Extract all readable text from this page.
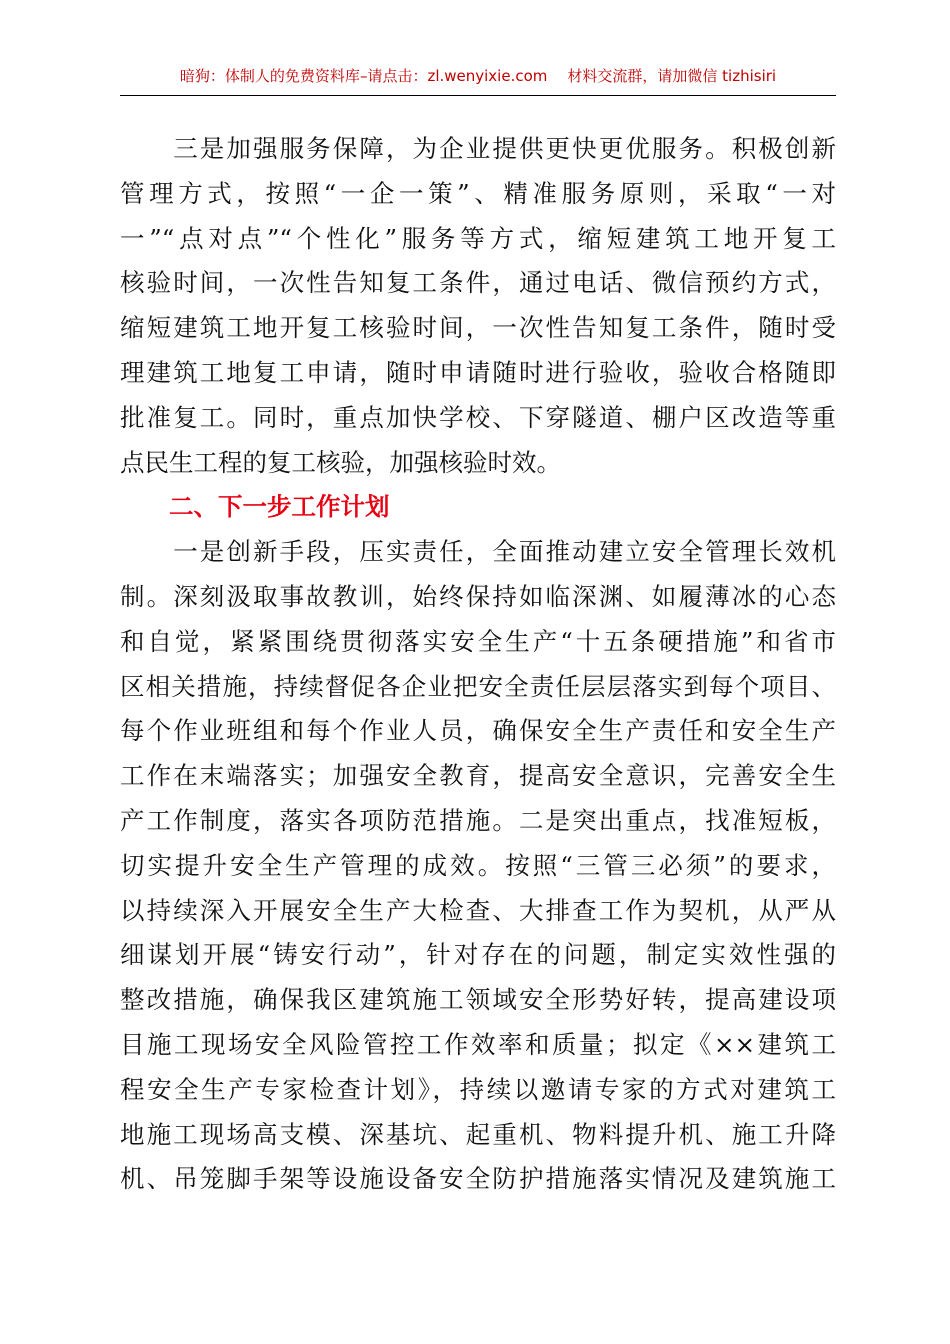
暗狗：体制人的免费资料库–请点击：zl.wenyixie.com 材料交流群，请加微信 tizhisiri
　　三是加强服务保障，为企业提供更快更优服务。积极创新
管理方式，按照“一企一策”、精准服务原则，采取“一对
一”“点对点”“个性化”服务等方式，缩短建筑工地开复工
核验时间，一次性告知复工条件，通过电话、微信预约方式，
缩短建筑工地开复工核验时间，一次性告知复工条件，随时受
理建筑工地复工申请，随时申请随时进行验收，验收合格随即
批准复工。同时，重点加快学校、下穿隧道、棚户区改造等重
点民生工程的复工核验，加强核验时效。
二、下一步工作计划
　　一是创新手段，压实责任，全面推动建立安全管理长效机
制。深刻汲取事故教训，始终保持如临深渊、如履薄冰的心态
和自觉，紧紧围绕贯彻落实安全生产“十五条硬措施”和省市
区相关措施，持续督促各企业把安全责任层层落实到每个项目、
每个作业班组和每个作业人员，确保安全生产责任和安全生产
工作在末端落实；加强安全教育，提高安全意识，完善安全生
产工作制度，落实各项防范措施。二是突出重点，找准短板，
切实提升安全生产管理的成效。按照“三管三必须”的要求，
以持续深入开展安全生产大检查、大排查工作为契机，从严从
细谋划开展“铸安行动”，针对存在的问题，制定实效性强的
整改措施，确保我区建筑施工领域安全形势好转，提高建设项
目施工现场安全风险管控工作效率和质量；拟定《××建筑工
程安全生产专家检查计划》，持续以邀请专家的方式对建筑工
地施工现场高支模、深基坑、起重机、物料提升机、施工升降
机、吊笼脚手架等设施设备安全防护措施落实情况及建筑施工
